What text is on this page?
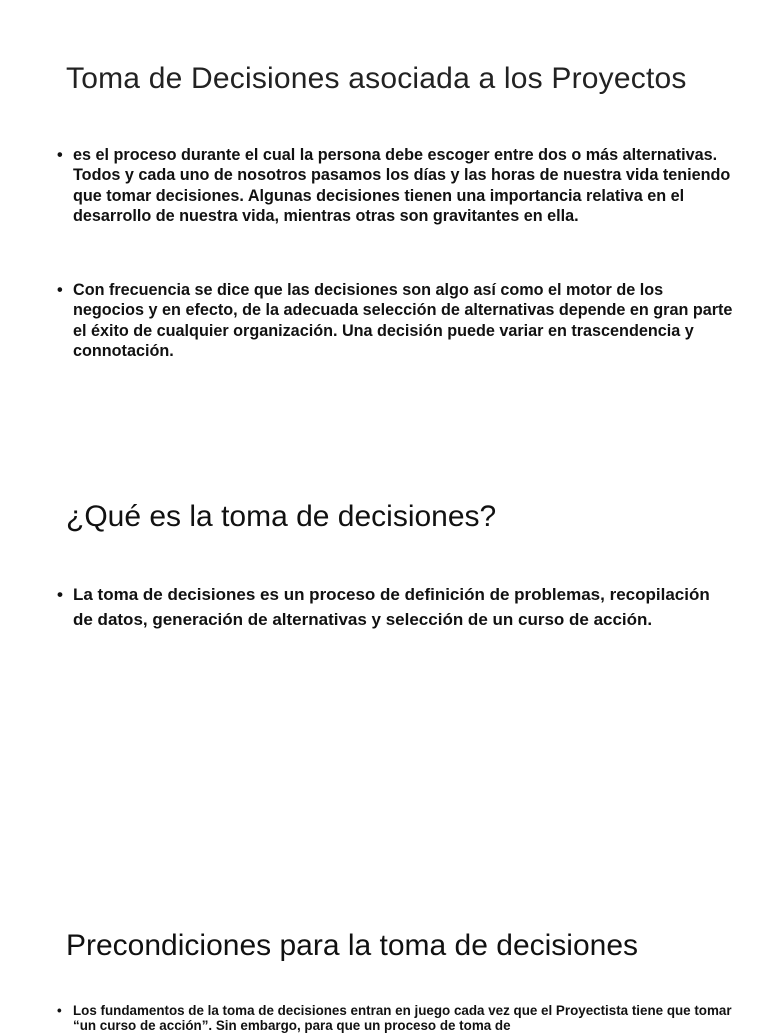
Toma de Decisiones asociada a los Proyectos

• es el proceso durante el cual la persona debe escoger entre dos o más alternativas. Todos y cada uno de nosotros pasamos los días y las horas de nuestra vida teniendo que tomar decisiones. Algunas decisiones tienen una importancia relativa en el desarrollo de nuestra vida, mientras otras son gravitantes en ella.

• Con frecuencia se dice que las decisiones son algo así como el motor de los negocios y en efecto, de la adecuada selección de alternativas depende en gran parte el éxito de cualquier organización. Una decisión puede variar en trascendencia y connotación.

¿Qué es la toma de decisiones?

• La toma de decisiones es un proceso de definición de problemas, recopilación de datos, generación de alternativas y selección de un curso de acción.

Precondiciones para la toma de decisiones

• Los fundamentos de la toma de decisiones entran en juego cada vez que el Proyectista tiene que tomar “un curso de acción”. Sin embargo, para que un proceso de toma de
